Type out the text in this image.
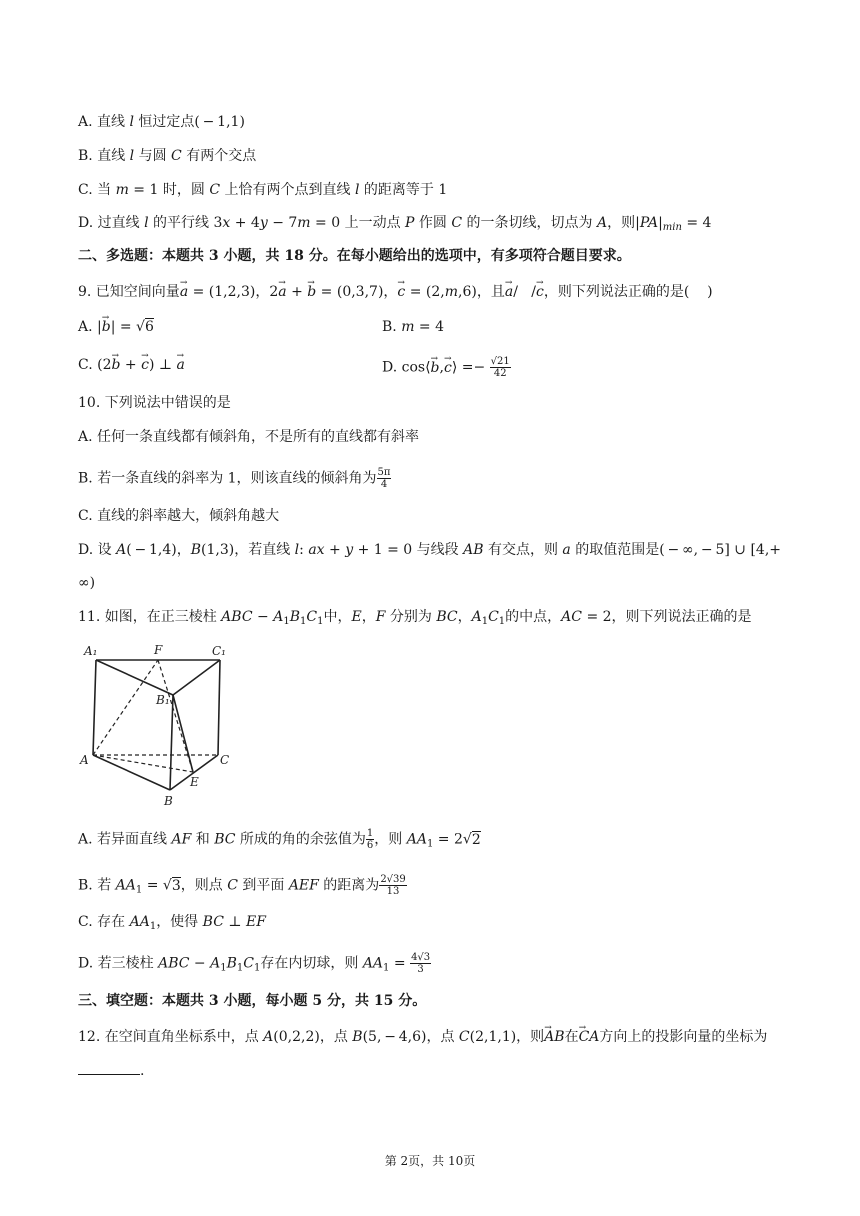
A. 直线 l 恒过定点( − 1,1)
B. 直线 l 与圆 C 有两个交点
C. 当 m = 1 时，圆 C 上恰有两个点到直线 l 的距离等于 1
D. 过直线 l 的平行线 3x + 4y − 7m = 0 上一动点 P 作圆 C 的一条切线，切点为 A，则$|PA|_{min} = 4$
二、多选题：本题共 3 小题，共 18 分。在每小题给出的选项中，有多项符合题目要求。
9. 已知空间向量→ a = (1,2,3)，2→ a + → b = (0,3,7)，→ c = (2,m,6)，且→ a/   /→ c，则下列说法正确的是(    )
A. |→ b| = √6	B. m = 4
C. (2→ b + → c) ⊥ → a	D. cos⟨→ b,→ c⟩ =− $\frac{√21}{42}$
10. 下列说法中错误的是
A. 任何一条直线都有倾斜角，不是所有的直线都有斜率
B. 若一条直线的斜率为 1，则该直线的倾斜角为 $\frac{5\pi}{4}$
C. 直线的斜率越大，倾斜角越大
D. 设 A( − 1,4)，B(1,3)，若直线 l: ax + y + 1 = 0 与线段 AB 有交点，则 a 的取值范围是( − ∞, − 5] ∪ [4,+
∞)
11. 如图，在正三棱柱 ABC − $A_1B_1C_1$中，E，F 分别为 BC，$A_1C_1$的中点，AC = 2，则下列说法正确的是
A₁	F	C₁
B₁
A	C
E
B
A. 若异面直线 AF 和 BC 所成的角的余弦值为 $\frac{1}{6}$ ，则 $AA_1 = 2√2$
B. 若 $AA_1 = √3$，则点 C 到平面 AEF 的距离为 $\frac{2√39}{13}$
C. 存在 $AA_1$，使得 BC ⊥ EF
D. 若三棱柱 ABC − $A_1B_1C_1$存在内切球，则 $AA_1 = \frac{4√3}{3}$
三、填空题：本题共 3 小题，每小题 5 分，共 15 分。
12. 在空间直角坐标系中，点 A(0,2,2)，点 B(5, − 4,6)，点 C(2,1,1)，则→ AB在→ CA方向上的投影向量的坐标为
.
第 2页，共 10页
